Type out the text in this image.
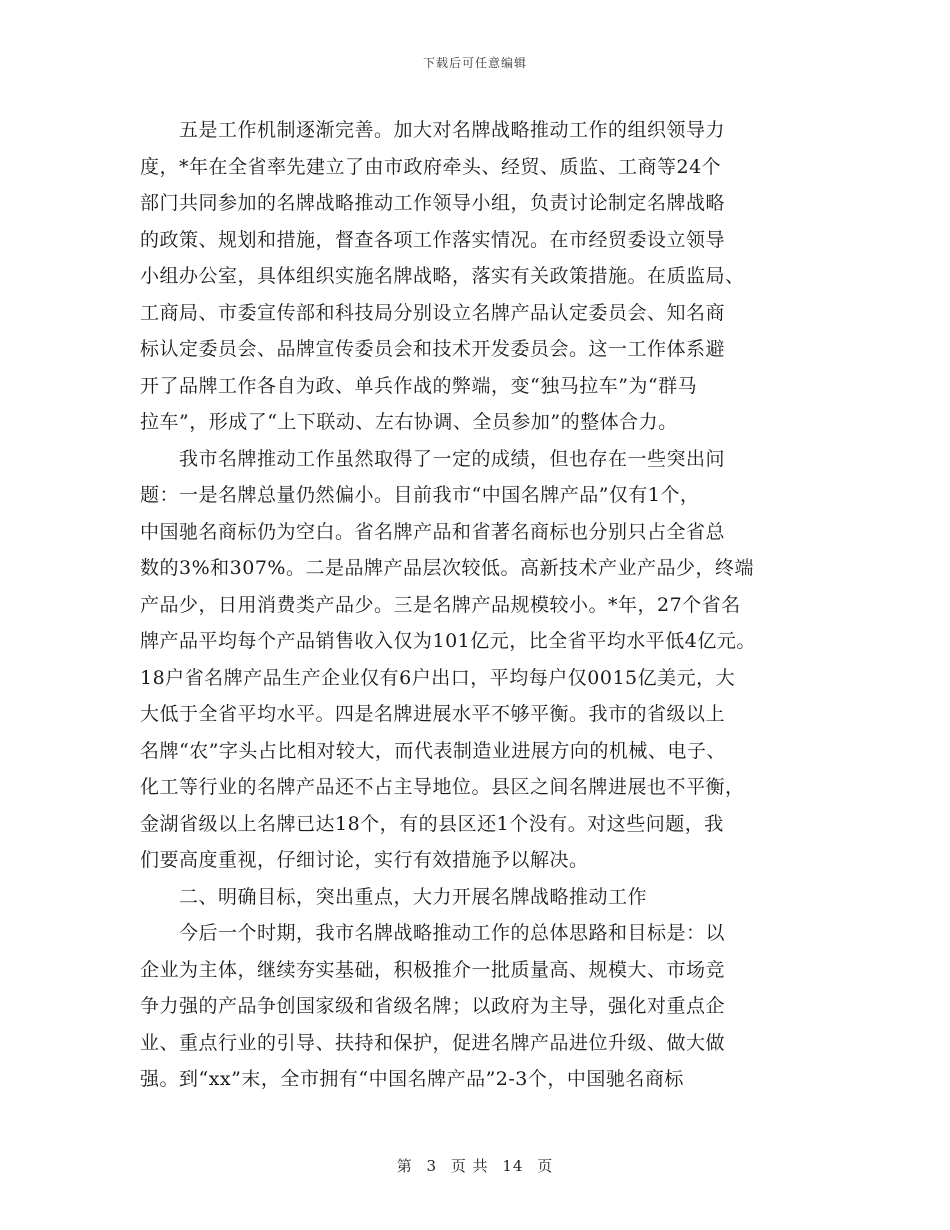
下载后可任意编辑
　　五是工作机制逐渐完善。加大对名牌战略推动工作的组织领导力
度，*年在全省率先建立了由市政府牵头、经贸、质监、工商等24个
部门共同参加的名牌战略推动工作领导小组，负责讨论制定名牌战略
的政策、规划和措施，督查各项工作落实情况。在市经贸委设立领导
小组办公室，具体组织实施名牌战略，落实有关政策措施。在质监局、
工商局、市委宣传部和科技局分别设立名牌产品认定委员会、知名商
标认定委员会、品牌宣传委员会和技术开发委员会。这一工作体系避
开了品牌工作各自为政、单兵作战的弊端，变“独马拉车”为“群马
拉车”，形成了“上下联动、左右协调、全员参加”的整体合力。
　　我市名牌推动工作虽然取得了一定的成绩，但也存在一些突出问
题：一是名牌总量仍然偏小。目前我市“中国名牌产品”仅有1个，
中国驰名商标仍为空白。省名牌产品和省著名商标也分别只占全省总
数的3%和307%。二是品牌产品层次较低。高新技术产业产品少，终端
产品少，日用消费类产品少。三是名牌产品规模较小。*年，27个省名
牌产品平均每个产品销售收入仅为101亿元，比全省平均水平低4亿元。
18户省名牌产品生产企业仅有6户出口，平均每户仅0015亿美元，大
大低于全省平均水平。四是名牌进展水平不够平衡。我市的省级以上
名牌“农”字头占比相对较大，而代表制造业进展方向的机械、电子、
化工等行业的名牌产品还不占主导地位。县区之间名牌进展也不平衡，
金湖省级以上名牌已达18个，有的县区还1个没有。对这些问题，我
们要高度重视，仔细讨论，实行有效措施予以解决。
　　二、明确目标，突出重点，大力开展名牌战略推动工作
　　今后一个时期，我市名牌战略推动工作的总体思路和目标是：以
企业为主体，继续夯实基础，积极推介一批质量高、规模大、市场竞
争力强的产品争创国家级和省级名牌；以政府为主导，强化对重点企
业、重点行业的引导、扶持和保护，促进名牌产品进位升级、做大做
强。到“xx”末，全市拥有“中国名牌产品”2-3个，中国驰名商标
第 3 页 共 14 页
